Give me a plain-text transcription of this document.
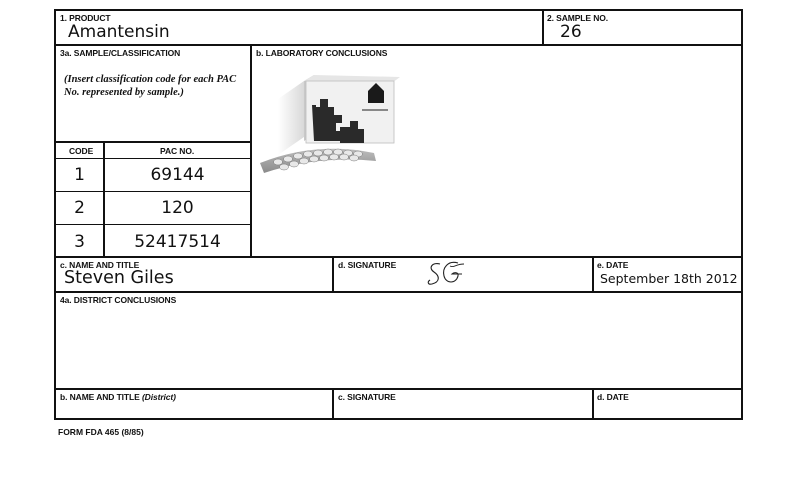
1. PRODUCT
Amantensin
2. SAMPLE NO.
26
3a. SAMPLE/CLASSIFICATION
(Insert classification code for each PAC No. represented by sample.)
CODE	PAC NO.
1	69144
2	120
3	52417514
b. LABORATORY CONCLUSIONS
c. NAME AND TITLE
Steven Giles
d. SIGNATURE	e. DATE
September 18th 2012
4a. DISTRICT CONCLUSIONS
b. NAME AND TITLE (District)	c. SIGNATURE	d. DATE
FORM FDA 465 (8/85)
